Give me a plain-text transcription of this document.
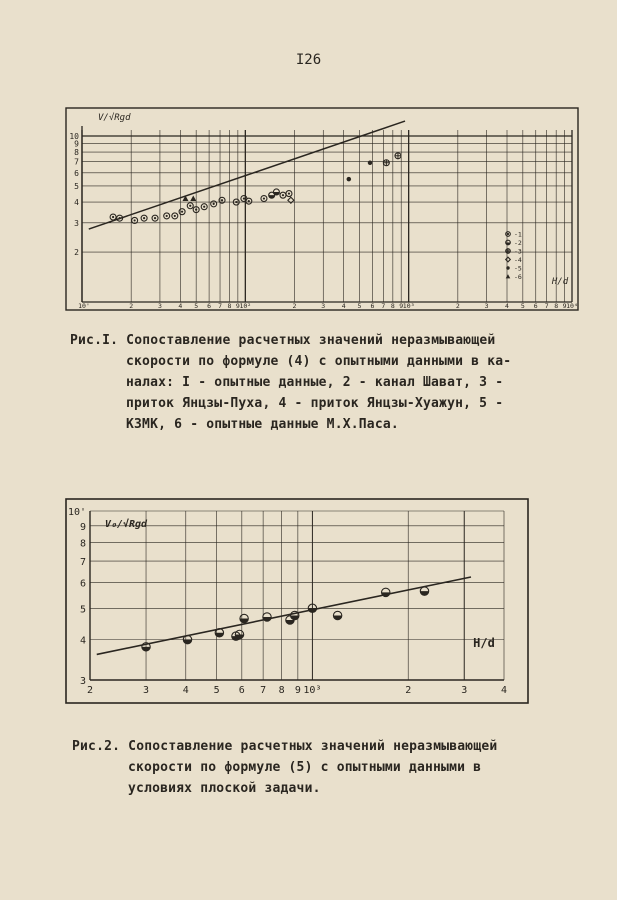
I26
10
9
8
7
6
5
4
3
2
10'	2	3	4 5 6 7 8 9 10²	2	3	4 5 6 7 8 9 10³	2	3	4 5 6 7 8 9 10⁴
V/√Rgd
H/d
-1
-2
-3
-4
-5
-6
Рис.I. Сопоставление расчетных значений неразмывающей
скорости по формуле (4) с опытными данными в ка-
налах: I - опытные данные, 2 - канал Шават, 3 -
приток Янцзы-Пуха, 4 - приток Янцзы-Хуажун, 5 -
КЗМК, 6 - опытные данные М.Х.Паса.
10'
9
8
7
6
5
4
3
2	3	4 5 6 7 8 9 10³	2	3	4
V₀/√Rgd
H/d
Рис.2. Сопоставление расчетных значений неразмывающей
скорости по формуле (5) с опытными данными в
условиях плоской задачи.
